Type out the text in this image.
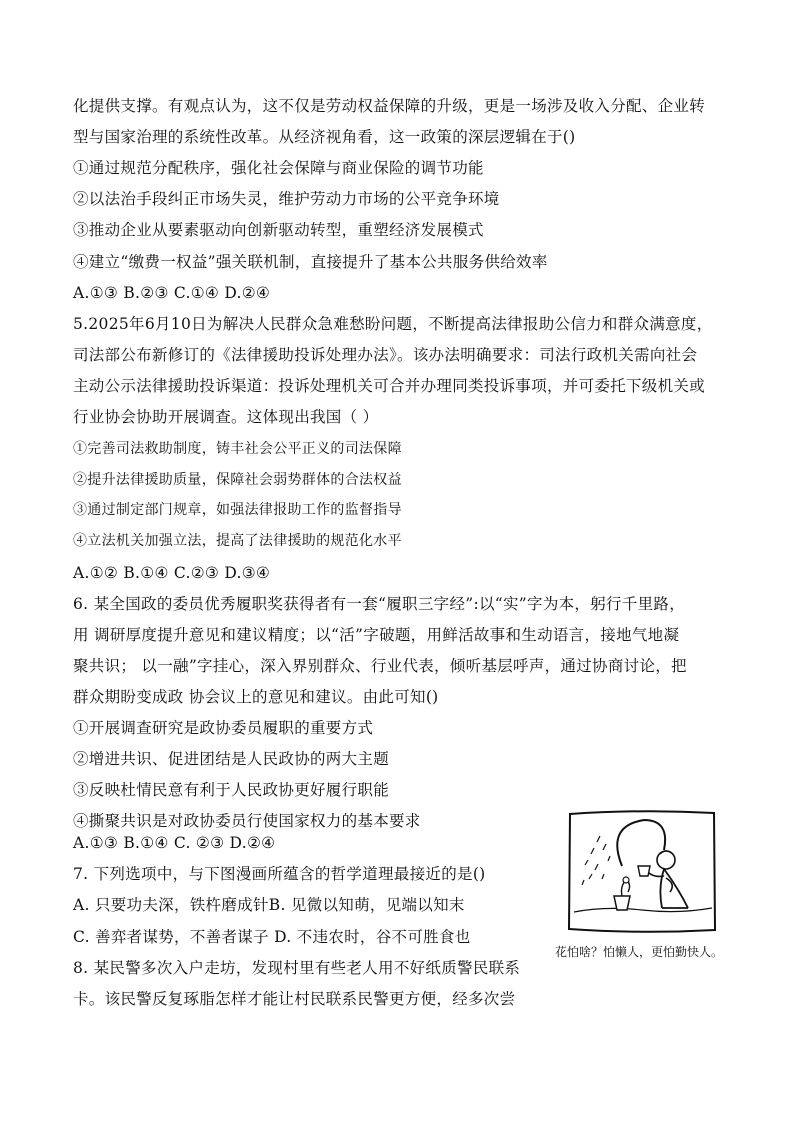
化提供支撑。有观点认为，这不仅是劳动权益保障的升级，更是一场涉及收入分配、企业转
型与国家治理的系统性改革。从经济视角看，这一政策的深层逻辑在于()
①通过规范分配秩序，强化社会保障与商业保险的调节功能
②以法治手段纠正市场失灵，维护劳动力市场的公平竞争环境
③推动企业从要素驱动向创新驱动转型，重塑经济发展模式
④建立“缴费一权益”强关联机制，直接提升了基本公共服务供给效率
A.①③ B.②③ C.①④ D.②④
5.2025年6月10日为解决人民群众急难愁盼问题，不断提高法律报助公信力和群众满意度，
司法部公布新修订的《法律援助投诉处理办法》。该办法明确要求：司法行政机关需向社会
主动公示法律援助投诉渠道：投诉处理机关可合并办理同类投诉事项，并可委托下级机关或
行业协会协助开展调查。这体现出我国（ ）
①完善司法救助制度，铸丰社会公平正义的司法保障
②提升法律援助质量，保障社会弱势群体的合法权益
③通过制定部门规章，如强法律报助工作的监督指导
④立法机关加强立法，提高了法律援助的规范化水平
A.①② B.①④ C.②③ D.③④
6. 某全国政的委员优秀履职奖获得者有一套“履职三字经”:以“实”字为本，躬行千里路，
用 调研厚度提升意见和建议精度；以“活”字破题，用鲜活故事和生动语言，接地气地凝
聚共识； 以一融”字挂心，深入界别群众、行业代表，倾听基层呼声，通过协商讨论，把
群众期盼变成政 协会议上的意见和建议。由此可知()
①开展调查研究是政协委员履职的重要方式
②增进共识、促进团结是人民政协的两大主题
③反映杜情民意有利于人民政协更好履行职能
④撕聚共识是对政协委员行使国家权力的基本要求
A.①③ B.①④ C. ②③ D.②④
7. 下列选项中，与下图漫画所蕴含的哲学道理最接近的是()
A. 只要功夫深，铁杵磨成针B. 见微以知萌，见端以知末
C. 善弈者谋势，不善者谋子 D. 不违农时，谷不可胜食也
8. 某民警多次入户走坊，发现村里有些老人用不好纸质警民联系
卡。该民警反复琢脂怎样才能让村民联系民警更方便，经多次尝
花怕啥？怕懒人，更怕勤快人。
